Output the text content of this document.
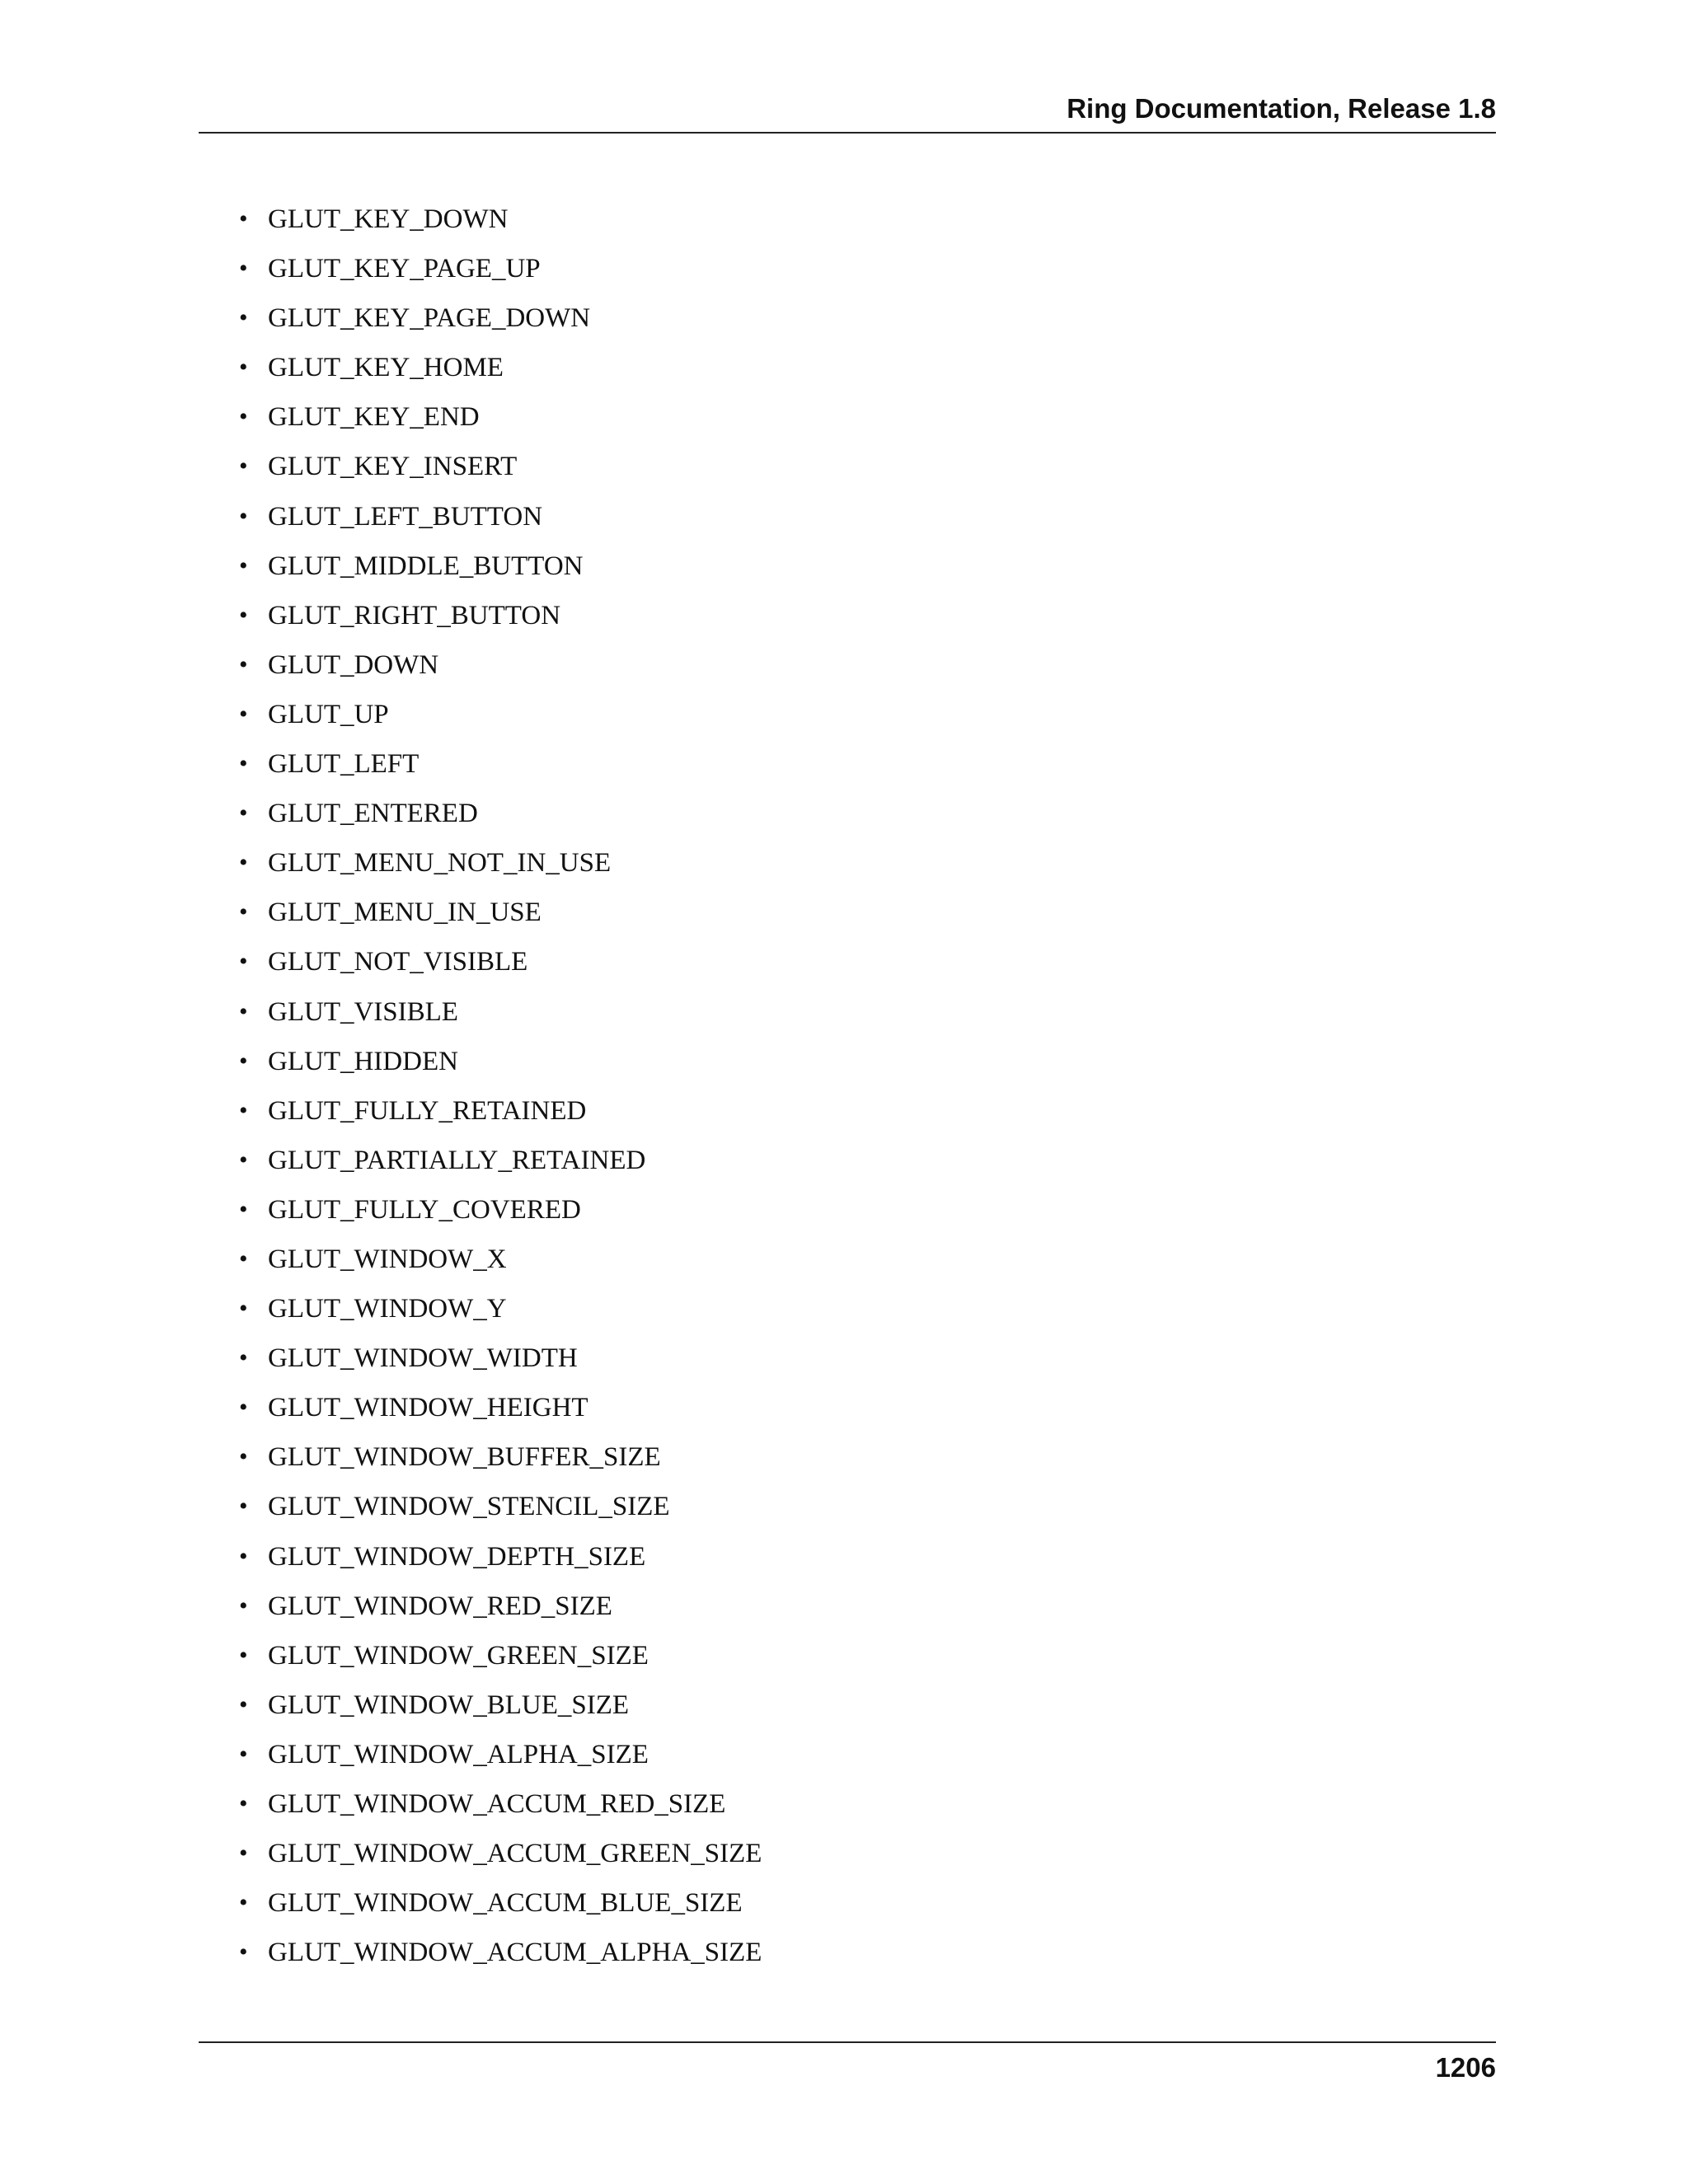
Ring Documentation, Release 1.8
• GLUT_KEY_DOWN
• GLUT_KEY_PAGE_UP
• GLUT_KEY_PAGE_DOWN
• GLUT_KEY_HOME
• GLUT_KEY_END
• GLUT_KEY_INSERT
• GLUT_LEFT_BUTTON
• GLUT_MIDDLE_BUTTON
• GLUT_RIGHT_BUTTON
• GLUT_DOWN
• GLUT_UP
• GLUT_LEFT
• GLUT_ENTERED
• GLUT_MENU_NOT_IN_USE
• GLUT_MENU_IN_USE
• GLUT_NOT_VISIBLE
• GLUT_VISIBLE
• GLUT_HIDDEN
• GLUT_FULLY_RETAINED
• GLUT_PARTIALLY_RETAINED
• GLUT_FULLY_COVERED
• GLUT_WINDOW_X
• GLUT_WINDOW_Y
• GLUT_WINDOW_WIDTH
• GLUT_WINDOW_HEIGHT
• GLUT_WINDOW_BUFFER_SIZE
• GLUT_WINDOW_STENCIL_SIZE
• GLUT_WINDOW_DEPTH_SIZE
• GLUT_WINDOW_RED_SIZE
• GLUT_WINDOW_GREEN_SIZE
• GLUT_WINDOW_BLUE_SIZE
• GLUT_WINDOW_ALPHA_SIZE
• GLUT_WINDOW_ACCUM_RED_SIZE
• GLUT_WINDOW_ACCUM_GREEN_SIZE
• GLUT_WINDOW_ACCUM_BLUE_SIZE
• GLUT_WINDOW_ACCUM_ALPHA_SIZE
1206
